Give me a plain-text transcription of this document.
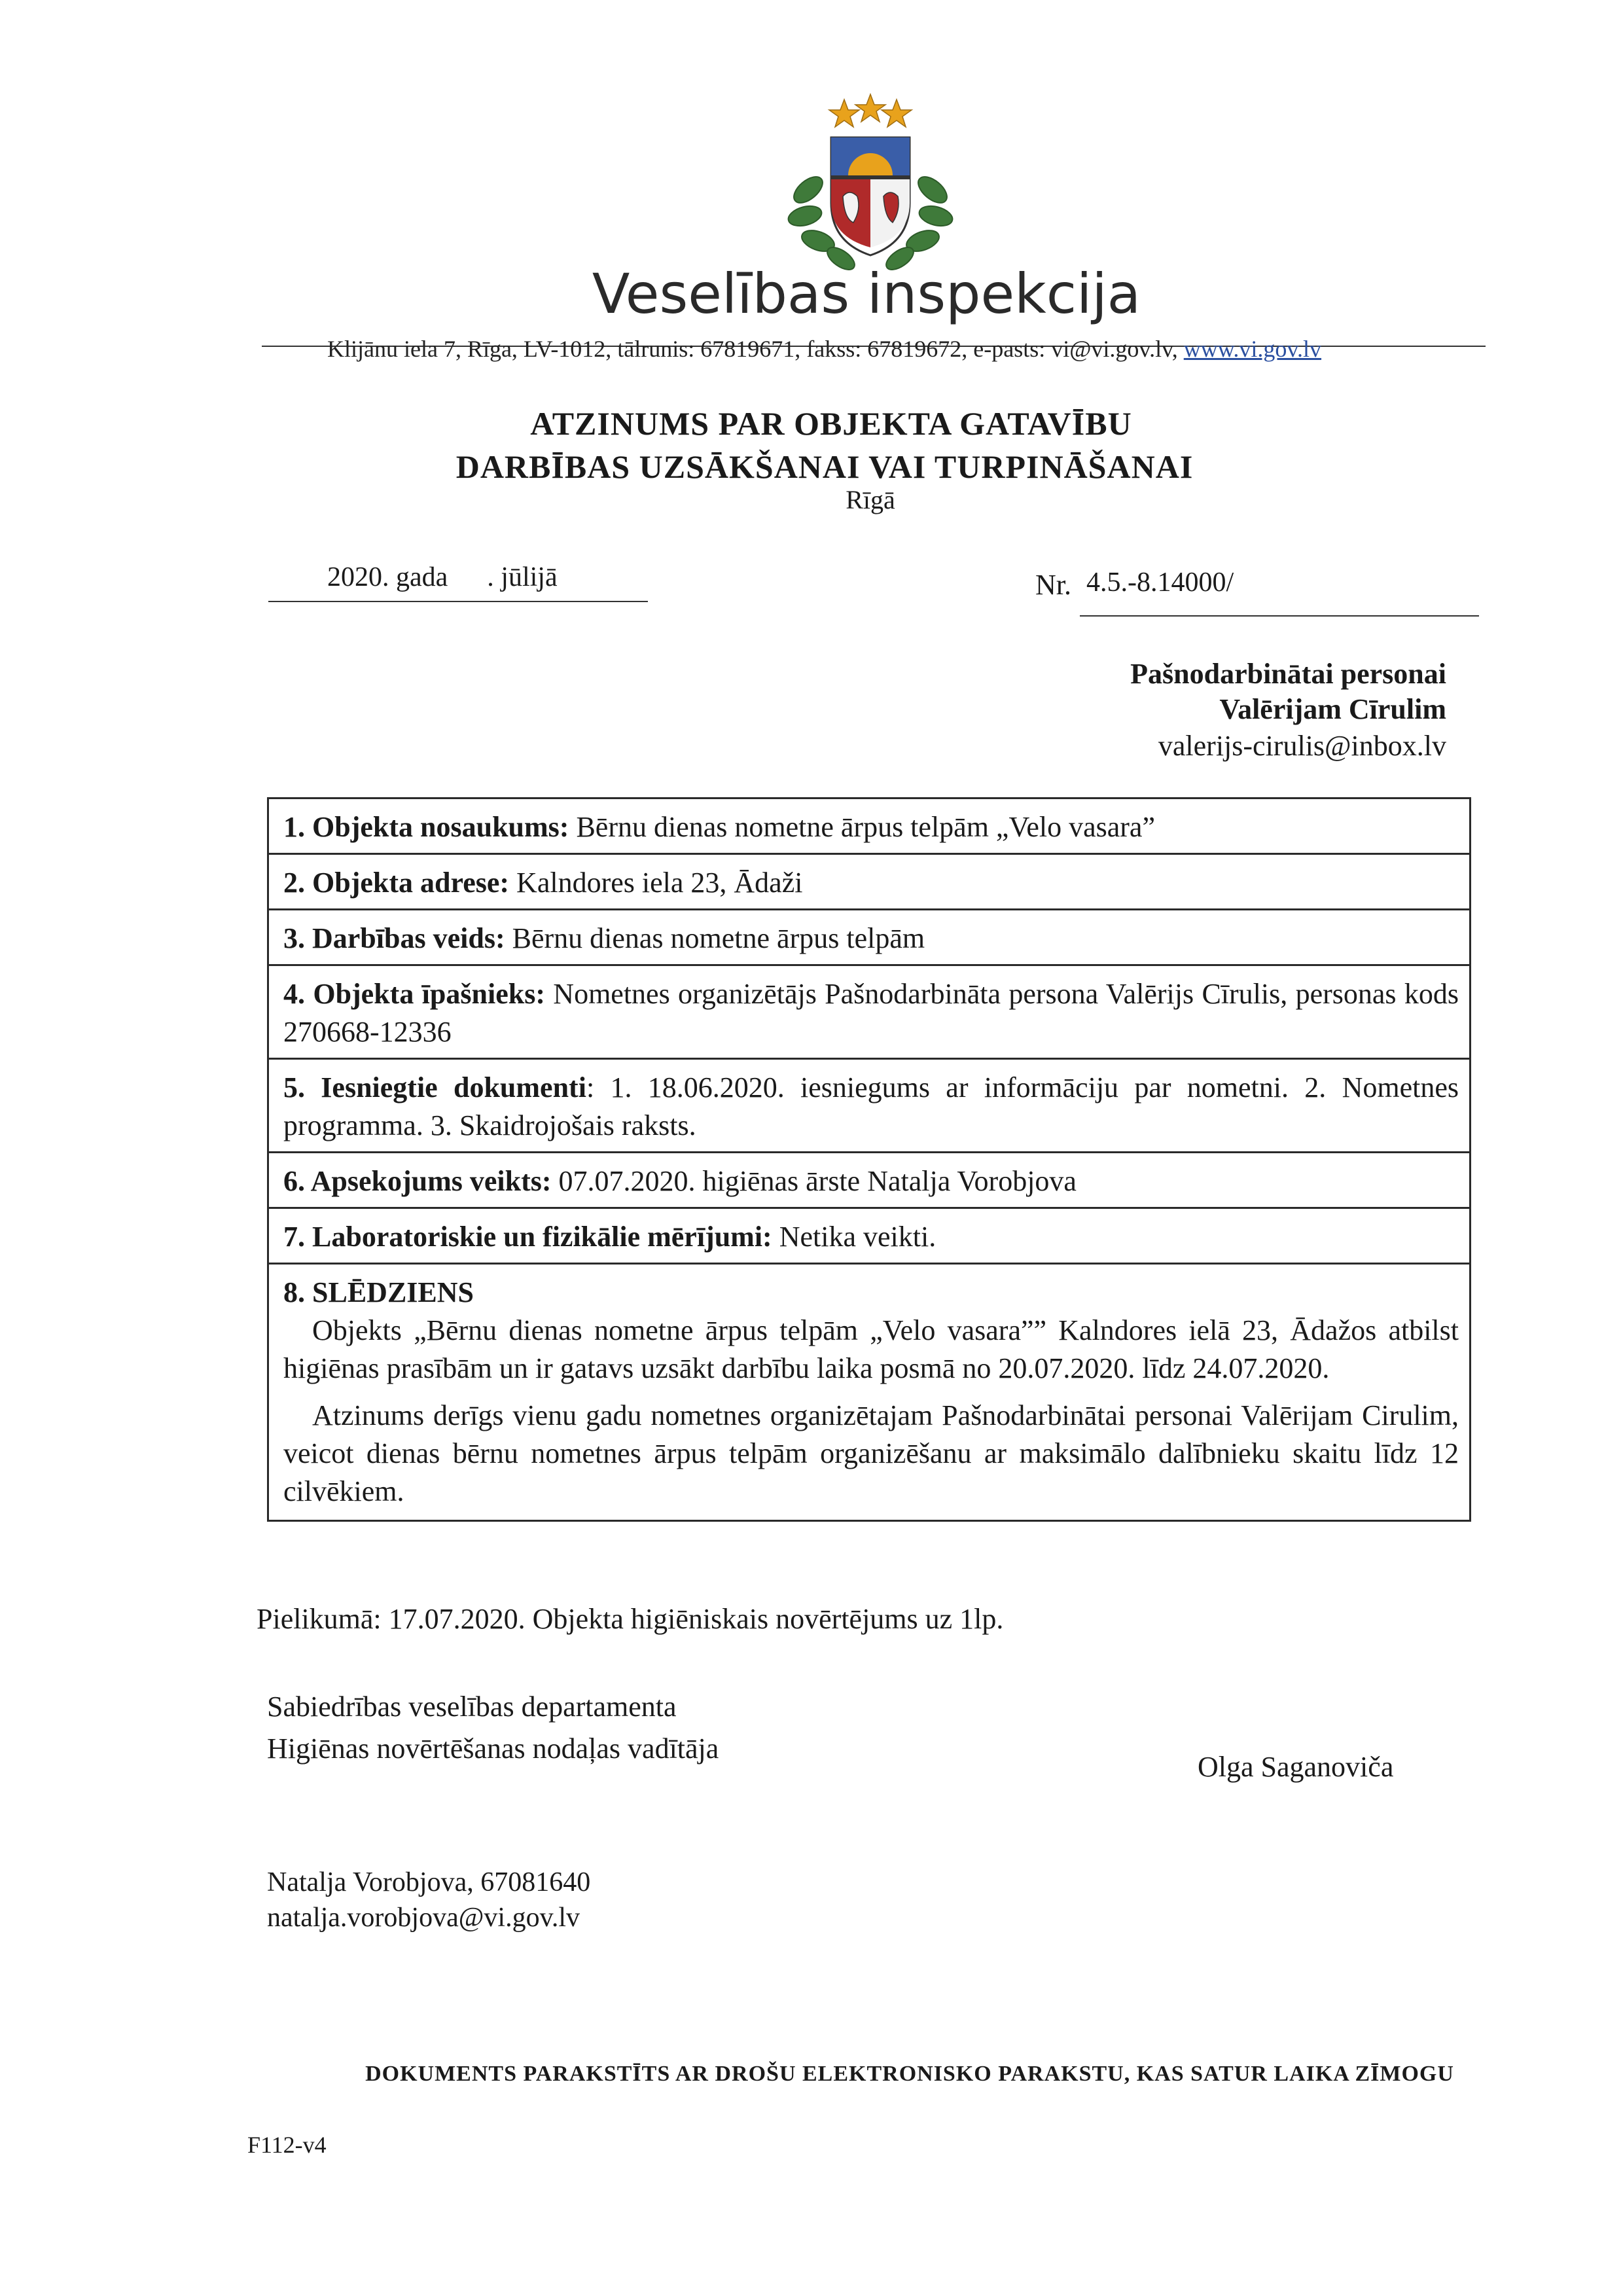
Veselības inspekcija
Klijānu iela 7, Rīga, LV-1012, tālrunis: 67819671, fakss: 67819672, e-pasts: vi@vi.gov.lv, www.vi.gov.lv
ATZINUMS PAR OBJEKTA GATAVĪBU
DARBĪBAS UZSĀKŠANAI VAI TURPINĀŠANAI
Rīgā
2020. gada . jūlijā	Nr. 4.5.-8.14000/
Pašnodarbinātai personai
Valērijam Cīrulim
valerijs-cirulis@inbox.lv
1. Objekta nosaukums: Bērnu dienas nometne ārpus telpām „Velo vasara”
2. Objekta adrese: Kalndores iela 23, Ādaži
3. Darbības veids: Bērnu dienas nometne ārpus telpām
4. Objekta īpašnieks: Nometnes organizētājs Pašnodarbināta persona Valērijs Cīrulis, personas kods 270668-12336
5. Iesniegtie dokumenti: 1. 18.06.2020. iesniegums ar informāciju par nometni. 2. Nometnes programma. 3. Skaidrojošais raksts.
6. Apsekojums veikts: 07.07.2020. higiēnas ārste Natalja Vorobjova
7. Laboratoriskie un fizikālie mērījumi: Netika veikti.
8. SLĒDZIENS

Objekts „Bērnu dienas nometne ārpus telpām „Velo vasara”” Kalndores ielā 23, Ādažos atbilst higiēnas prasībām un ir gatavs uzsākt darbību laika posmā no 20.07.2020. līdz 24.07.2020.

Atzinums derīgs vienu gadu nometnes organizētajam Pašnodarbinātai personai Valērijam Cirulim, veicot dienas bērnu nometnes ārpus telpām organizēšanu ar maksimālo dalībnieku skaitu līdz 12 cilvēkiem.

Pielikumā: 17.07.2020. Objekta higiēniskais novērtējums uz 1lp.
Sabiedrības veselības departamenta
Higiēnas novērtēšanas nodaļas vadītāja
Olga Saganoviča
Natalja Vorobjova, 67081640
natalja.vorobjova@vi.gov.lv
DOKUMENTS PARAKSTĪTS AR DROŠU ELEKTRONISKO PARAKSTU, KAS SATUR LAIKA ZĪMOGU
F112-v4
